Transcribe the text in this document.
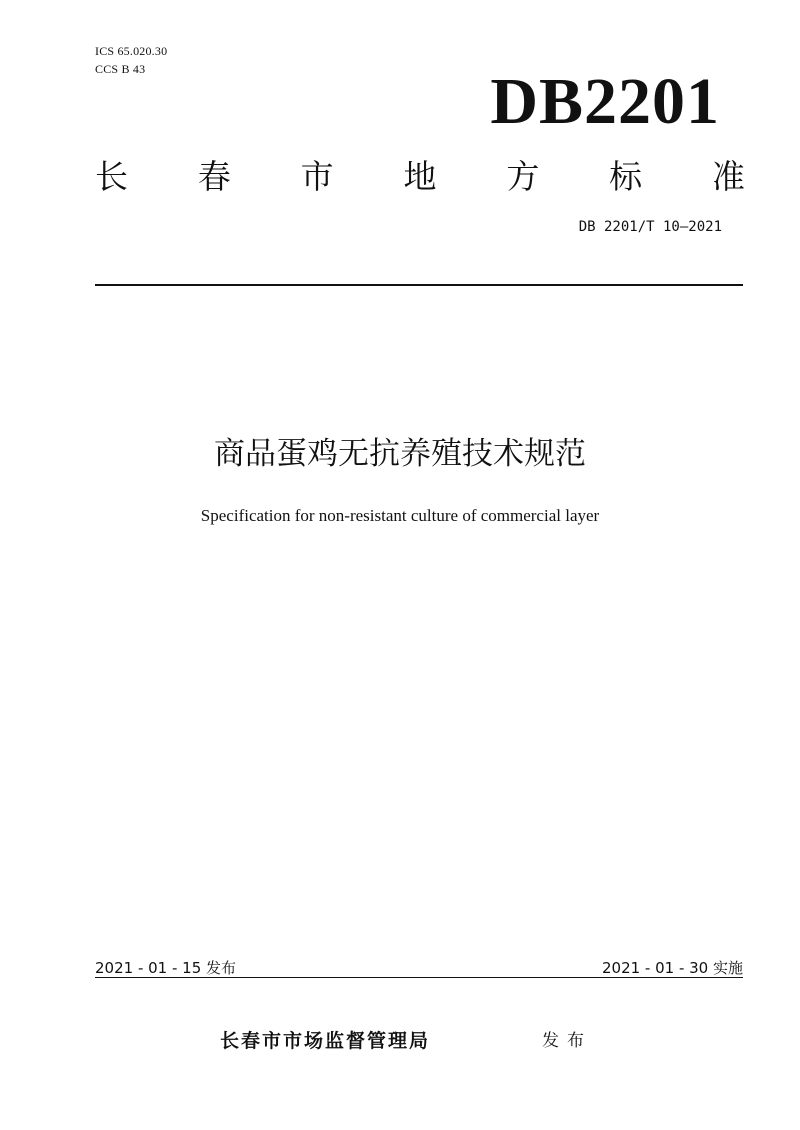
ICS 65.020.30

CCS B 43	DB2201
长 春 市 地 方 标 准
DB 2201/T 10—2021
商品蛋鸡无抗养殖技术规范

Specification for non-resistant culture of commercial layer

2021 - 01 - 15 发布	2021 - 01 - 30 实施
长春市市场监督管理局	发布
